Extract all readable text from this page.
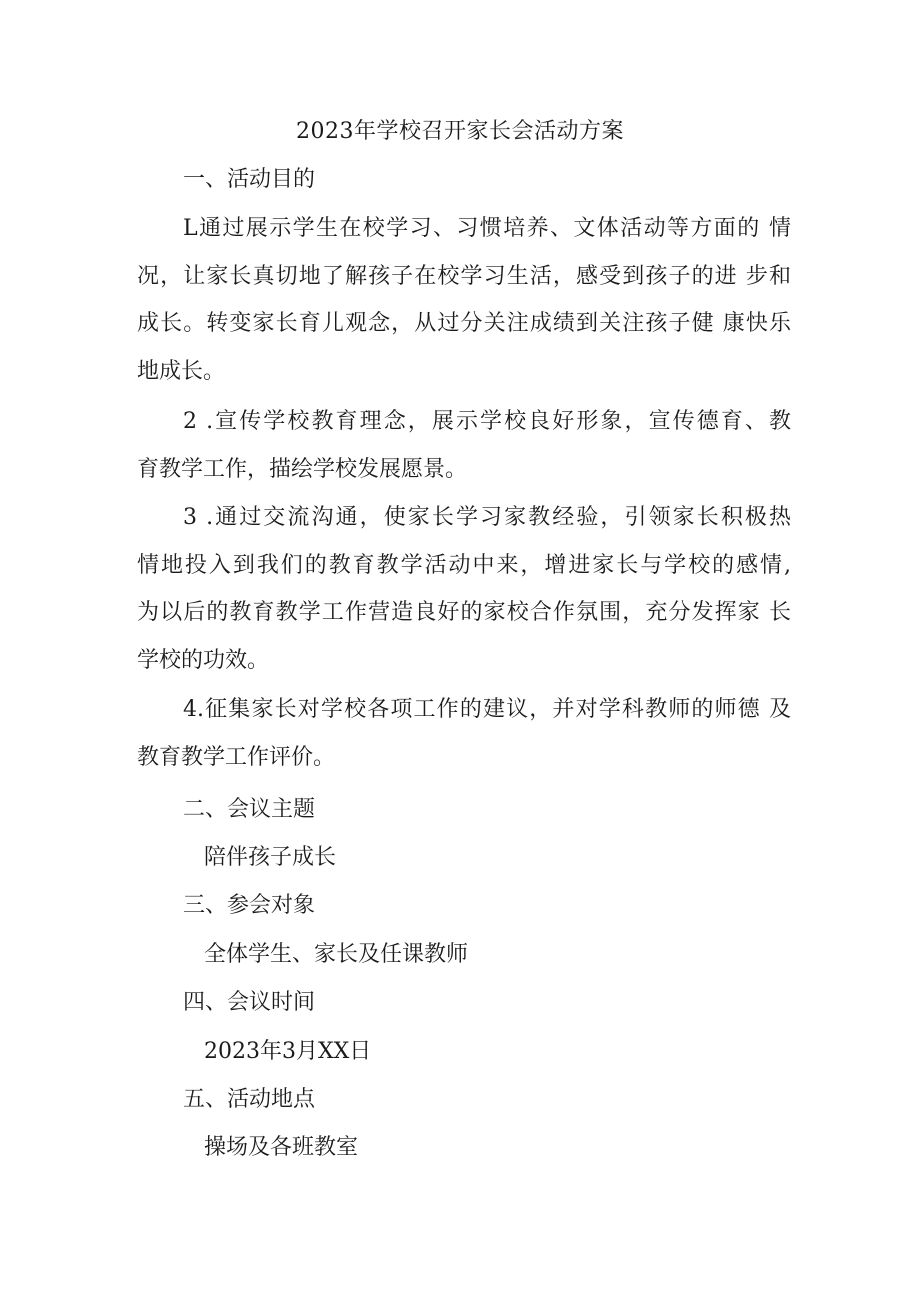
2023年学校召开家长会活动方案
一、活动目的
L通过展示学生在校学习、习惯培养、文体活动等方面的 情
况，让家长真切地了解孩子在校学习生活，感受到孩子的进 步和
成长。转变家长育儿观念，从过分关注成绩到关注孩子健 康快乐
地成长。
2 .宣传学校教育理念，展示学校良好形象，宣传德育、教
育教学工作，描绘学校发展愿景。
3 .通过交流沟通，使家长学习家教经验，引领家长积极热
情地投入到我们的教育教学活动中来，增进家长与学校的感情,
为以后的教育教学工作营造良好的家校合作氛围，充分发挥家 长
学校的功效。
4.征集家长对学校各项工作的建议，并对学科教师的师德 及
教育教学工作评价。
二、会议主题
陪伴孩子成长
三、参会对象
全体学生、家长及任课教师
四、会议时间
2023年3月XX日
五、活动地点
操场及各班教室
